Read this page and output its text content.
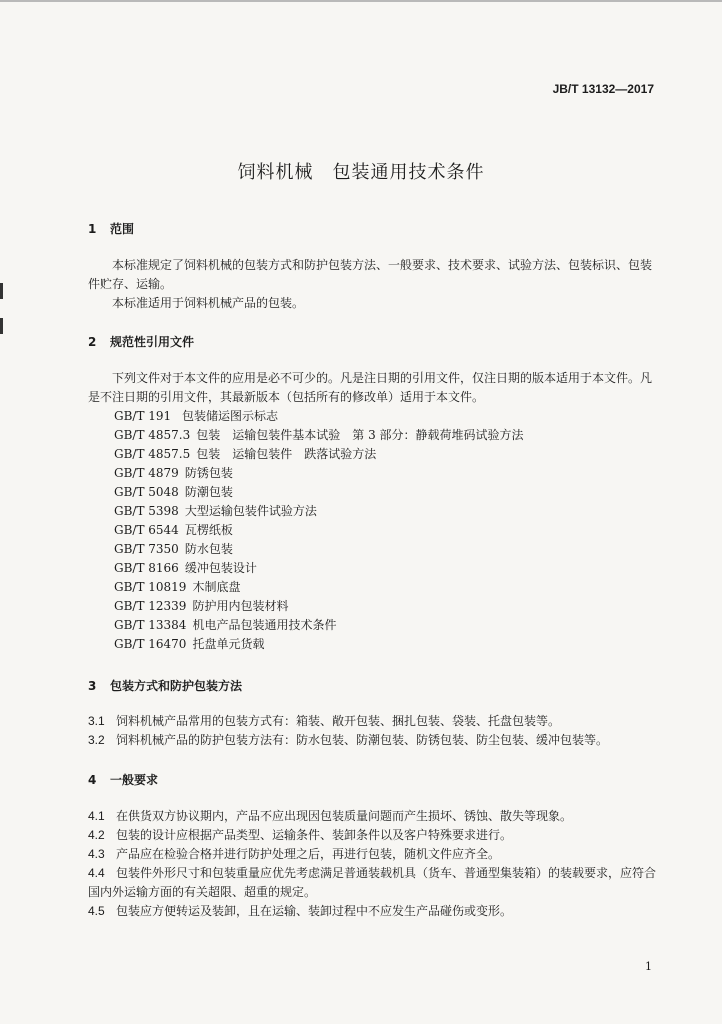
JB/T 13132—2017
饲料机械　包装通用技术条件
1 范围
本标准规定了饲料机械的包装方式和防护包装方法、一般要求、技术要求、试验方法、包装标识、包装件贮存、运输。
本标准适用于饲料机械产品的包装。
2 规范性引用文件
下列文件对于本文件的应用是必不可少的。凡是注日期的引用文件，仅注日期的版本适用于本文件。凡是不注日期的引用文件，其最新版本（包括所有的修改单）适用于本文件。
GB/T 191 包装储运图示标志
GB/T 4857.3 包装　运输包装件基本试验　第 3 部分：静载荷堆码试验方法
GB/T 4857.5 包装　运输包装件　跌落试验方法
GB/T 4879 防锈包装
GB/T 5048 防潮包装
GB/T 5398 大型运输包装件试验方法
GB/T 6544 瓦楞纸板
GB/T 7350 防水包装
GB/T 8166 缓冲包装设计
GB/T 10819 木制底盘
GB/T 12339 防护用内包装材料
GB/T 13384 机电产品包装通用技术条件
GB/T 16470 托盘单元货载
3 包装方式和防护包装方法
3.1 饲料机械产品常用的包装方式有：箱装、敞开包装、捆扎包装、袋装、托盘包装等。
3.2 饲料机械产品的防护包装方法有：防水包装、防潮包装、防锈包装、防尘包装、缓冲包装等。
4 一般要求
4.1 在供货双方协议期内，产品不应出现因包装质量问题而产生损坏、锈蚀、散失等现象。
4.2 包装的设计应根据产品类型、运输条件、装卸条件以及客户特殊要求进行。
4.3 产品应在检验合格并进行防护处理之后，再进行包装，随机文件应齐全。
4.4 包装件外形尺寸和包装重量应优先考虑满足普通装载机具（货车、普通型集装箱）的装载要求，应符合国内外运输方面的有关超限、超重的规定。
4.5 包装应方便转运及装卸，且在运输、装卸过程中不应发生产品碰伤或变形。
1
